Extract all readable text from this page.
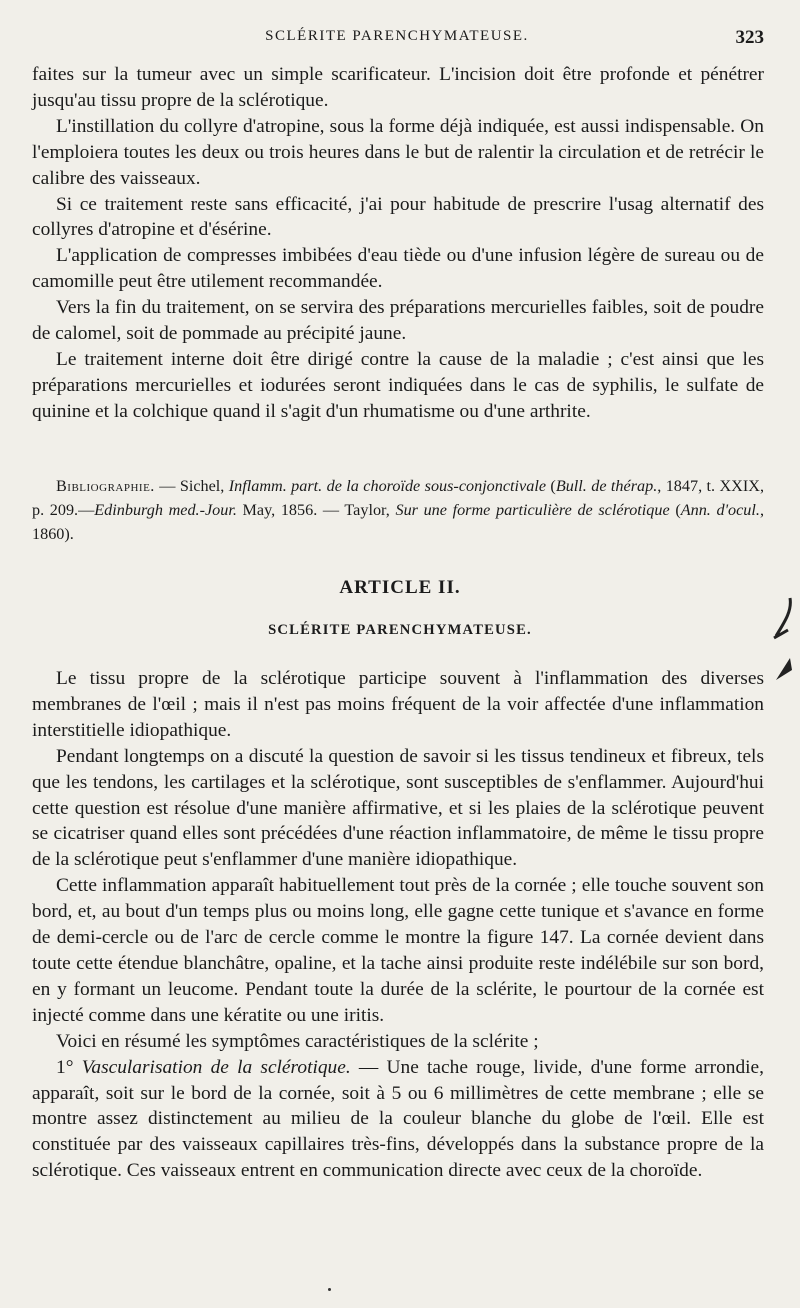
SCLÉRITE PARENCHYMATEUSE.	323

faites sur la tumeur avec un simple scarificateur. L'incision doit être profonde et pénétrer jusqu'au tissu propre de la sclérotique.

L'instillation du collyre d'atropine, sous la forme déjà indiquée, est aussi indispensable. On l'emploiera toutes les deux ou trois heures dans le but de ralentir la circulation et de retrécir le calibre des vaisseaux.

Si ce traitement reste sans efficacité, j'ai pour habitude de prescrire l'usag alternatif des collyres d'atropine et d'ésérine.

L'application de compresses imbibées d'eau tiède ou d'une infusion légère de sureau ou de camomille peut être utilement recommandée.

Vers la fin du traitement, on se servira des préparations mercurielles faibles, soit de poudre de calomel, soit de pommade au précipité jaune.

Le traitement interne doit être dirigé contre la cause de la maladie ; c'est ainsi que les préparations mercurielles et iodurées seront indiquées dans le cas de syphilis, le sulfate de quinine et la colchique quand il s'agit d'un rhumatisme ou d'une arthrite.

Bibliographie. — Sichel, Inflamm. part. de la choroïde sous-conjonctivale (Bull. de thérap., 1847, t. XXIX, p. 209.—Edinburgh med.-Jour. May, 1856. — Taylor, Sur une forme particulière de sclérotique (Ann. d'ocul., 1860).

ARTICLE II.
SCLÉRITE PARENCHYMATEUSE.

Le tissu propre de la sclérotique participe souvent à l'inflammation des diverses membranes de l'œil ; mais il n'est pas moins fréquent de la voir affectée d'une inflammation interstitielle idiopathique.

Pendant longtemps on a discuté la question de savoir si les tissus tendineux et fibreux, tels que les tendons, les cartilages et la sclérotique, sont susceptibles de s'enflammer. Aujourd'hui cette question est résolue d'une manière affirmative, et si les plaies de la sclérotique peuvent se cicatriser quand elles sont précédées d'une réaction inflammatoire, de même le tissu propre de la sclérotique peut s'enflammer d'une manière idiopathique.

Cette inflammation apparaît habituellement tout près de la cornée ; elle touche souvent son bord, et, au bout d'un temps plus ou moins long, elle gagne cette tunique et s'avance en forme de demi-cercle ou de l'arc de cercle comme le montre la figure 147. La cornée devient dans toute cette étendue blanchâtre, opaline, et la tache ainsi produite reste indélébile sur son bord, en y formant un leucome. Pendant toute la durée de la sclérite, le pourtour de la cornée est injecté comme dans une kératite ou une iritis.

Voici en résumé les symptômes caractéristiques de la sclérite ;

1° Vascularisation de la sclérotique. — Une tache rouge, livide, d'une forme arrondie, apparaît, soit sur le bord de la cornée, soit à 5 ou 6 millimètres de cette membrane ; elle se montre assez distinctement au milieu de la couleur blanche du globe de l'œil. Elle est constituée par des vaisseaux capillaires très-fins, développés dans la substance propre de la sclérotique. Ces vaisseaux entrent en communication directe avec ceux de la choroïde.
